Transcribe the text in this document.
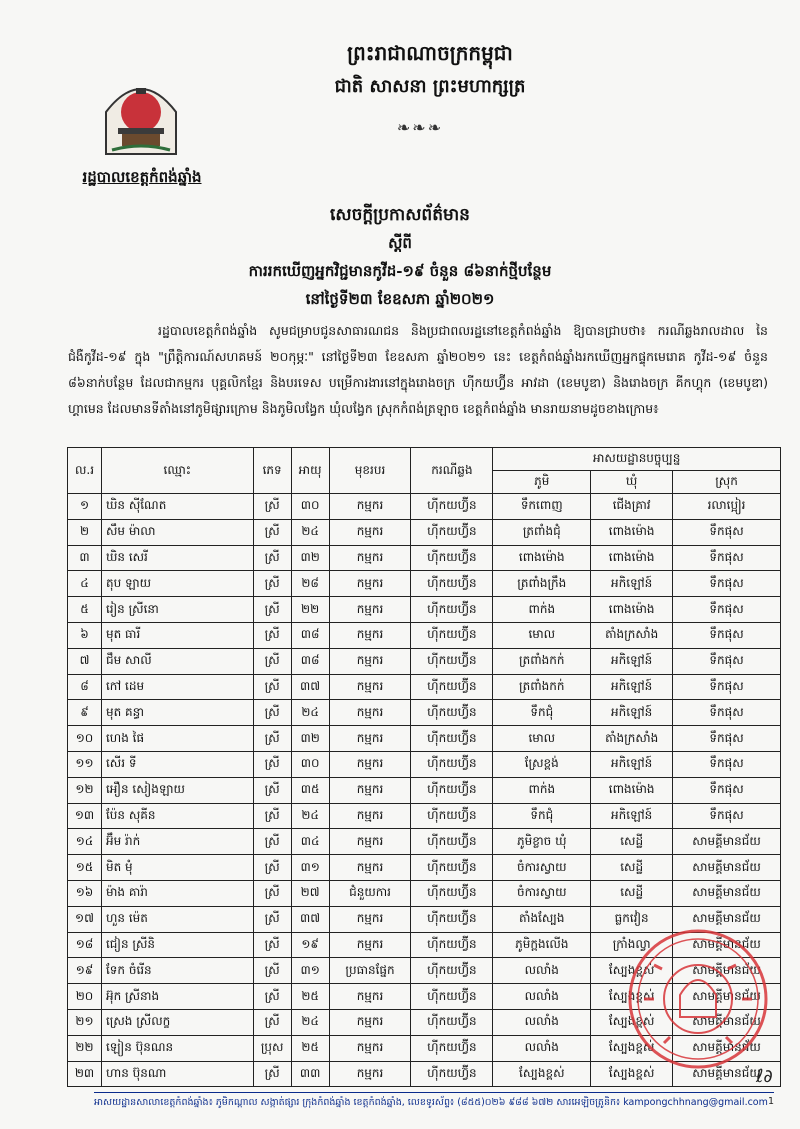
ព្រះរាជាណាចក្រកម្ពុជា
ជាតិ សាសនា ព្រះមហាក្សត្រ
❧❧❧
រដ្ឋបាលខេត្តកំពង់ឆ្នាំង
សេចក្តីប្រកាសព័ត៌មាន
ស្តីពី
ការរកឃើញអ្នកវិជ្ជមានកូវីដ-១៩ ចំនួន ៨៦នាក់ថ្មីបន្ថែម
នៅថ្ងៃទី២៣ ខែឧសភា ឆ្នាំ២០២១
រដ្ឋបាលខេត្តកំពង់ឆ្នាំង សូមជម្រាបជូនសាធារណជន និងប្រជាពលរដ្ឋនៅខេត្តកំពង់ឆ្នាំង ឱ្យបានជ្រាបថា៖ ករណីឆ្លងរាលដាល នៃជំងឺកូវីដ-១៩ ក្នុង "ព្រឹត្តិការណ៍សហគមន៍ ២០កុម្ភៈ" នៅថ្ងៃទី២៣ ខែឧសភា ឆ្នាំ២០២១ នេះ ខេត្តកំពង់ឆ្នាំងរកឃើញអ្នកផ្ទុកមេរោគ កូវីដ-១៩ ចំនួន ៨៦នាក់បន្ថែម ដែលជាកម្មករ បុគ្គលិកខ្មែរ និងបរទេស បម្រើការងារនៅក្នុងរោងចក្រ ហ៊ីកយហ្វ៊ីន អាវដា (ខេមបូឌា) និងរោងចក្រ គីកហ្គុក (ខេមបូឌា) ហ្គាមេន ដែលមានទីតាំងនៅភូមិផ្សារក្រោម និងភូមិលង្វែក ឃុំលង្វែក ស្រុកកំពង់ត្រឡាច ខេត្តកំពង់ឆ្នាំង មានរាយនាមដូចខាងក្រោម៖
ល.រ	ឈ្មោះ	ភេទ	អាយុ	មុខរបរ	ករណីឆ្លង	អាសយដ្ឋានបច្ចុប្បន្ន		
						ភូមិ	ឃុំ	ស្រុក
១	ឃិន ស៊ីណែត	ស្រី	៣០	កម្មករ	ហ៊ីកយហ្វ៊ីន	ទឹកពោញ	ជើងគ្រាវ	រលាប្អៀរ
២	សឹម ម៉ាលា	ស្រី	២៤	កម្មករ	ហ៊ីកយហ្វ៊ីន	ត្រពាំងជុំ	ពោងម៉ោង	ទឹកផុស
៣	ឃិន សេរី	ស្រី	៣២	កម្មករ	ហ៊ីកយហ្វ៊ីន	ពោងម៉ោង	ពោងម៉ោង	ទឹកផុស
៤	តុប ឡាយ	ស្រី	២៨	កម្មករ	ហ៊ីកយហ្វ៊ីន	ត្រពាំងក្រឹង	អកិឡៅន៍	ទឹកផុស
៥	រៀន ស្រីនោ	ស្រី	២២	កម្មករ	ហ៊ីកយហ្វ៊ីន	ពាក់ង	ពោងម៉ោង	ទឹកផុស
៦	មុត ធារី	ស្រី	៣៨	កម្មករ	ហ៊ីកយហ្វ៊ីន	មោល	តាំងក្រសាំង	ទឹកផុស
៧	ជឹម សាលី	ស្រី	៣៨	កម្មករ	ហ៊ីកយហ្វ៊ីន	ត្រពាំងកក់	អកិឡៅន៍	ទឹកផុស
៨	កៅ ដេម	ស្រី	៣៧	កម្មករ	ហ៊ីកយហ្វ៊ីន	ត្រពាំងកក់	អកិឡៅន៍	ទឹកផុស
៩	មុត គន្ធា	ស្រី	២៤	កម្មករ	ហ៊ីកយហ្វ៊ីន	ទឹកជុំ	អកិឡៅន៍	ទឹកផុស
១០	ហេង ផៃ	ស្រី	៣២	កម្មករ	ហ៊ីកយហ្វ៊ីន	មោល	តាំងក្រសាំង	ទឹកផុស
១១	សើរ ទី	ស្រី	៣០	កម្មករ	ហ៊ីកយហ្វ៊ីន	ស្រែខ្ពង់	អកិឡៅន៍	ទឹកផុស
១២	អឿន សៀងឡាយ	ស្រី	៣៥	កម្មករ	ហ៊ីកយហ្វ៊ីន	ពាក់ង	ពោងម៉ោង	ទឹកផុស
១៣	ប៉ែន សុគីន	ស្រី	២៤	កម្មករ	ហ៊ីកយហ្វ៊ីន	ទឹកជុំ	អកិឡៅន៍	ទឹកផុស
១៤	អ៊ឹម រ៉ាក់	ស្រី	៣៤	កម្មករ	ហ៊ីកយហ្វ៊ីន	ភូមិខ្លាច ឃុំ	សេដ្ឋី	សាមគ្គីមានជ័យ
១៥	មិត មុំ	ស្រី	៣១	កម្មករ	ហ៊ីកយហ្វ៊ីន	ចំការស្វាយ	សេដ្ឋី	សាមគ្គីមានជ័យ
១៦	ម៉ាង គារ៉ា	ស្រី	២៧	ជំនួយការ	ហ៊ីកយហ្វ៊ីន	ចំការស្វាយ	សេដ្ឋី	សាមគ្គីមានជ័យ
១៧	ហួន ម៉េត	ស្រី	៣៧	កម្មករ	ហ៊ីកយហ្វ៊ីន	តាំងស្បែង	ធ្លកវៀន	សាមគ្គីមានជ័យ
១៨	ជៀន ស្រីនិ	ស្រី	១៩	កម្មករ	ហ៊ីកយហ្វ៊ីន	ភូមិក្ពងលើង	ក្រាំងល្វា	សាមគ្គីមានជ័យ
១៩	ទែក ចំរើន	ស្រី	៣១	ប្រធានផ្នែក	ហ៊ីកយហ្វ៊ីន	លលាំង	ស្បែងខ្ពស់	សាមគ្គីមានជ័យ
២០	អ៊ុក ស្រីនាង	ស្រី	២៥	កម្មករ	ហ៊ីកយហ្វ៊ីន	លលាំង	ស្បែងខ្ពស់	សាមគ្គីមានជ័យ
២១	ស្រេង ស្រីលក្ខ	ស្រី	២៤	កម្មករ	ហ៊ីកយហ្វ៊ីន	លលាំង	ស្បែងខ្ពស់	សាមគ្គីមានជ័យ
២២	ឡៀន ប៊ុនណន	ប្រុស	២៥	កម្មករ	ហ៊ីកយហ្វ៊ីន	លលាំង	ស្បែងខ្ពស់	សាមគ្គីមានជ័យ
២៣	ហាន ប៊ុនណា	ស្រី	៣៣	កម្មករ	ហ៊ីកយហ្វ៊ីន	ស្បែងខ្ពស់	ស្បែងខ្ពស់	សាមគ្គីមានជ័យ
ℓ∂
អាសយដ្ឋានសាលាខេត្តកំពង់ឆ្នាំង៖ ភូមិកណ្តាល សង្កាត់ផ្សារ ក្រុងកំពង់ឆ្នាំង ខេត្តកំពង់ឆ្នាំង, លេខទូរស័ព្ទ៖ (៨៥៥)០២៦ ៩៨៨ ៦៧២ សារអេឡិចត្រូនិក៖ kampongchhnang@gmail.com 1
